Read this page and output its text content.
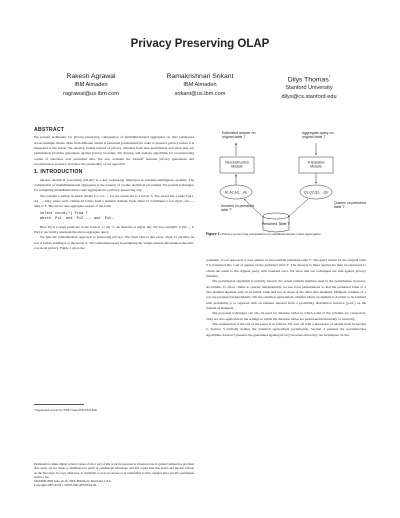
Privacy Preserving OLAP
Rakesh Agrawal
IBM Almaden
ragrawal@us.ibm.com
Ramakrishnan Srikant
IBM Almaden
srikant@us.ibm.com
Dilys Thomas*
Stanford University
dilys@cs.stanford.edu
ABSTRACT

We present techniques for privacy-preserving computation of multidimensional aggregates on data partitioned across multiple clients. Data from different clients is perturbed (randomized) in order to preserve privacy before it is integrated at the server. We develop formal notions of privacy obtained from data perturbation and show that our perturbation provides guarantees against privacy breaches. We develop and analyze algorithms for reconstructing counts of subcubes over perturbed data. We also evaluate the tradeoff between privacy guarantees and reconstruction accuracy and show the practicality of our approach.

1. INTRODUCTION

On-line analytical processing (OLAP) is a key technology employed in business-intelligence systems. The computation of multidimensional aggregates is the essence of on-line analytical processing. We present techniques for computing multidimensional count aggregates in a privacy-preserving way.

We consider a setting in which clients C1, C2, ..., Cn are connected to a server S. The server has a table T(A1, A2, ..., Am), where each column Ai comes from a numeric domain. Each client Ci contributes a row ri(ai1, ai2, ..., aim) to T. The server runs aggregate queries of the form

select count(*) from T
where  Pi1  and  Pi2 ... and  Pik.

Here Pij is a range predicate of the form al <= Aij <= ah, denoted as Aij[al, ah]. We use count(Pi1 ∧ Pi2 ... ∧ Pik) to succinctly represent the above aggregate query.

We take the randomization approach to preserving privacy. The basic idea is that every client Ci perturbs its row ri before sending it to the server S. The randomness used in perturbing the values ensures information-theoretic row-level privacy. Figure 1 gives the

*Supported in part by NSF Grant ITR-0331640
Permission to make digital or hard copies of all or part of this work for personal or classroom use is granted without fee provided that copies are not made or distributed for profit or commercial advantage, and that copies bear this notice and the full citation on the first page. To copy otherwise, to republish, to post on servers or to redistribute to lists, requires prior specific permission and/or a fee.
SIGMOD 2005 June 14-16, 2005, Baltimore, Maryland, USA.
Copyright 2005 ACM 1-59593-060-4/05/06 $5.00.
Estimated answer on original table T
Aggregate query on original table T
Reconstruction Module
Translation Module
A1,A2,A3,...,An	Q1,Q2,Q3,...,Qn
Answers on perturbed table T'
Queries on perturbed table T'
Perturbed Table T'
Figure 1: Privacy preserving computation of multidimensional count aggregates.

schematic of our approach. S runs queries on the resultant perturbed table T'. The query meant for the original table T is translated into a set of queries on the perturbed table T'. The answers to these queries are then reconstructed to obtain the result to the original query with bounded error. We show that our techniques are safe against privacy breaches.

The perturbation algorithm is publicly known; the actual random numbers used in the perturbation, however, are hidden. To allow clients to operate independently, we use local perturbations so that the perturbed value of a data element depends only on its initial value and not on those of the other data elements. Different columns of a row are perturbed independently. We use retention replacement schemes where an element is decided to be retained with probability p or replaced with an element selected from a probability distribution function (p.d.f.) on the domain of elements.

The proposed techniques can also be used for database tables in which some of the columns are categorical. They are also applicable in the settings in which the database tables are partitioned horizontally or vertically.

The organization of the rest of the paper is as follows. We start off with a discussion of related work in Section 2. Section 3 formally defines the retention replacement perturbation. Section 4 presents the reconstruction algorithms. Section 5 presents the guarantees against privacy breaches offered by our techniques. In Sec-
